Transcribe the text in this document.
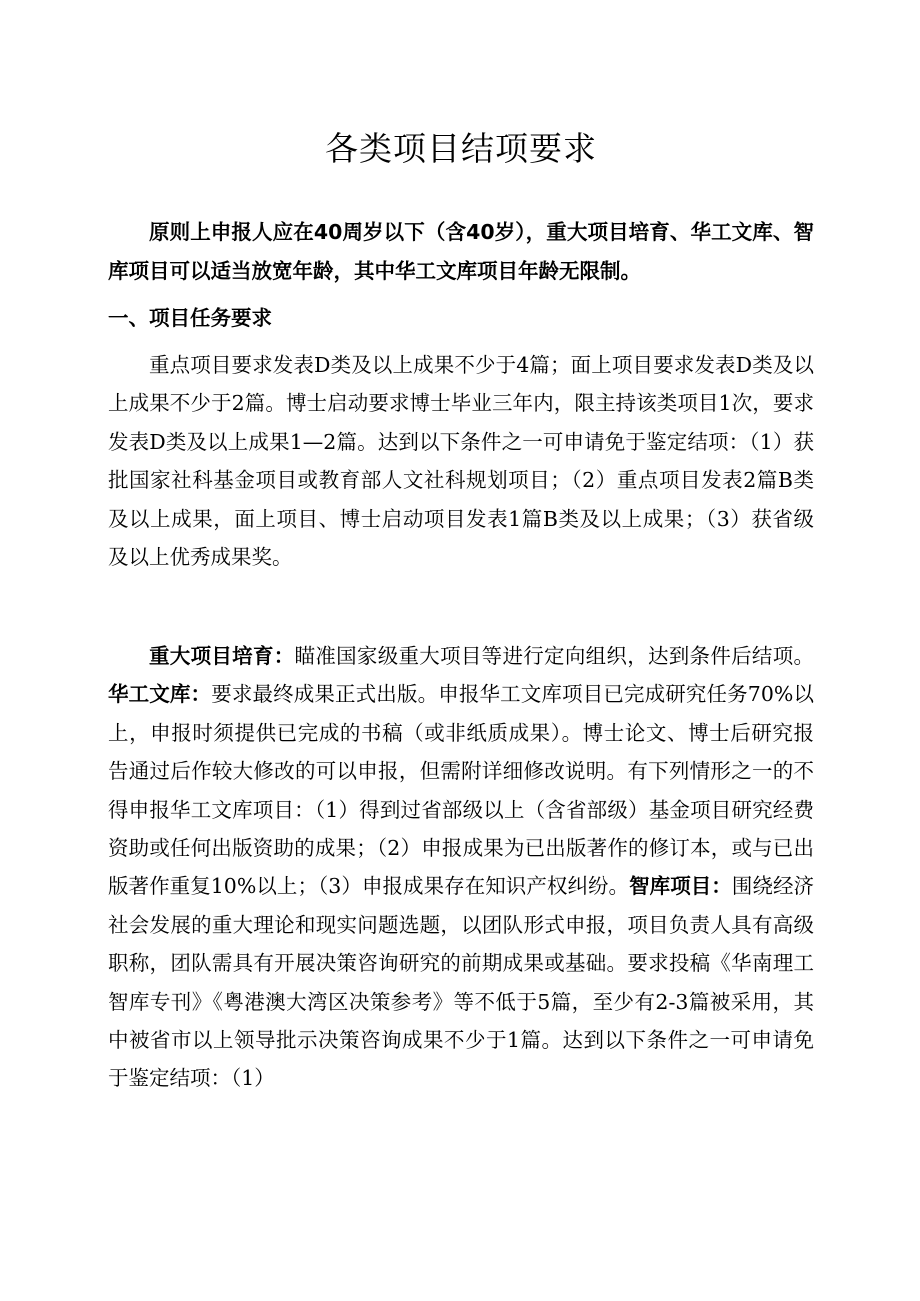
各类项目结项要求

原则上申报人应在40周岁以下（含40岁），重大项目培育、华工文库、智库项目可以适当放宽年龄，其中华工文库项目年龄无限制。

一、项目任务要求

重点项目要求发表D类及以上成果不少于4篇；面上项目要求发表D类及以上成果不少于2篇。博士启动要求博士毕业三年内，限主持该类项目1次，要求发表D类及以上成果1—2篇。达到以下条件之一可申请免于鉴定结项：（1）获批国家社科基金项目或教育部人文社科规划项目；（2）重点项目发表2篇B类及以上成果，面上项目、博士启动项目发表1篇B类及以上成果；（3）获省级及以上优秀成果奖。

重大项目培育：瞄准国家级重大项目等进行定向组织，达到条件后结项。华工文库：要求最终成果正式出版。申报华工文库项目已完成研究任务70%以上，申报时须提供已完成的书稿（或非纸质成果）。博士论文、博士后研究报告通过后作较大修改的可以申报，但需附详细修改说明。有下列情形之一的不得申报华工文库项目：（1）得到过省部级以上（含省部级）基金项目研究经费资助或任何出版资助的成果；（2）申报成果为已出版著作的修订本，或与已出版著作重复10%以上；（3）申报成果存在知识产权纠纷。智库项目：围绕经济社会发展的重大理论和现实问题选题，以团队形式申报，项目负责人具有高级职称，团队需具有开展决策咨询研究的前期成果或基础。要求投稿《华南理工智库专刊》《粤港澳大湾区决策参考》等不低于5篇，至少有2-3篇被采用，其中被省市以上领导批示决策咨询成果不少于1篇。达到以下条件之一可申请免于鉴定结项：（1）
